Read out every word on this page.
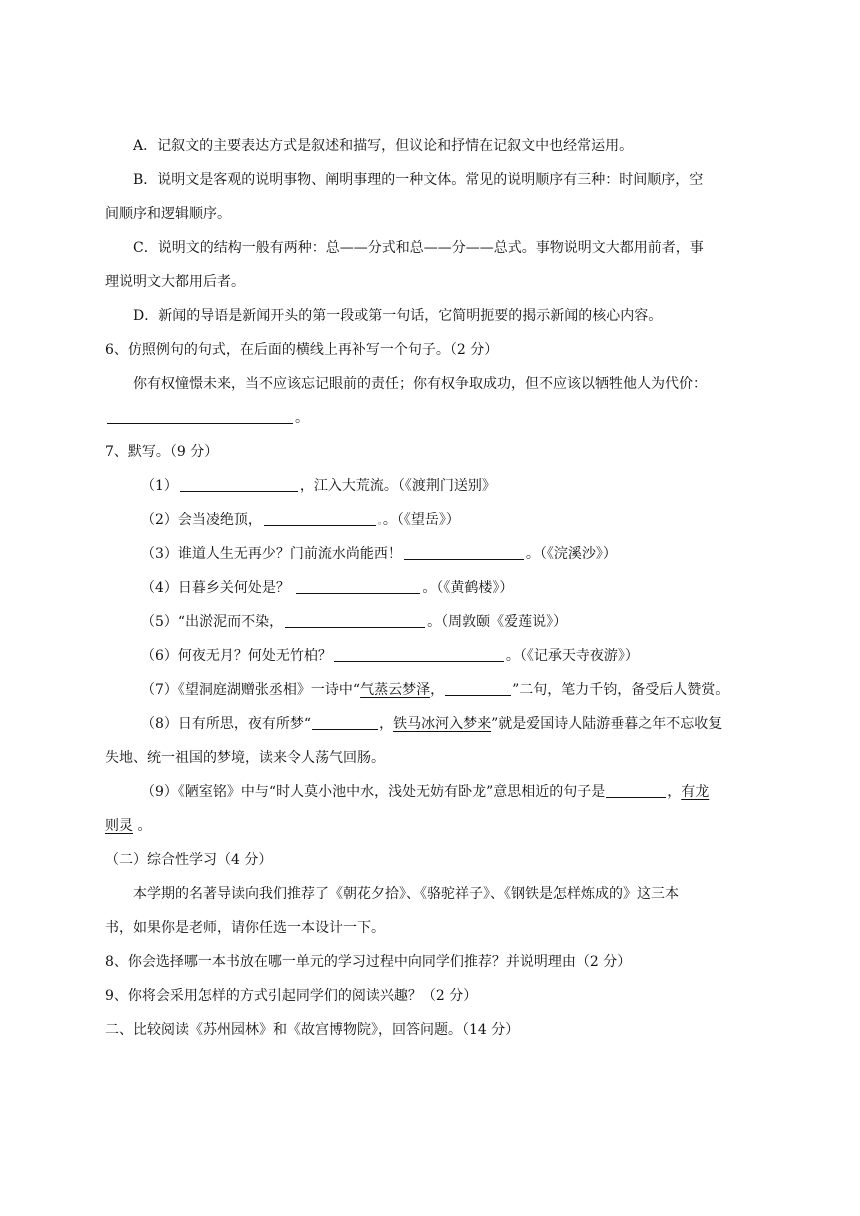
A．记叙文的主要表达方式是叙述和描写，但议论和抒情在记叙文中也经常运用。
B．说明文是客观的说明事物、阐明事理的一种文体。常见的说明顺序有三种：时间顺序，空
间顺序和逻辑顺序。
C．说明文的结构一般有两种：总——分式和总——分——总式。事物说明文大都用前者，事
理说明文大都用后者。
D．新闻的导语是新闻开头的第一段或第一句话，它简明扼要的揭示新闻的核心内容。
6、仿照例句的句式，在后面的横线上再补写一个句子。（2 分）
你有权憧憬未来，当不应该忘记眼前的责任；你有权争取成功，但不应该以牺牲他人为代价：
。
7、默写。（9 分）
（1）	，江入大荒流。（《渡荆门送别》
（2）会当凌绝顶，	。。（《望岳》）
（3）谁道人生无再少？门前流水尚能西！	。（《浣溪沙》）
（4）日暮乡关何处是？	。（《黄鹤楼》）
（5）“出淤泥而不染，	。（周敦颐《爱莲说》）
（6）何夜无月？何处无竹柏？	。（《记承天寺夜游》）
（7）《望洞庭湖赠张丞相》一诗中“气蒸云梦泽，	”二句，笔力千钧，备受后人赞赏。
（8）日有所思，夜有所梦“	，铁马冰河入梦来”就是爱国诗人陆游垂暮之年不忘收复
失地、统一祖国的梦境，读来令人荡气回肠。
（9）《陋室铭》中与“时人莫小池中水，浅处无妨有卧龙”意思相近的句子是	，有龙
则灵 。
（二）综合性学习（4 分）
本学期的名著导读向我们推荐了《朝花夕拾》、《骆驼祥子》、《钢铁是怎样炼成的》这三本
书，如果你是老师，请你任选一本设计一下。
8、你会选择哪一本书放在哪一单元的学习过程中向同学们推荐？并说明理由（2 分）
9、你将会采用怎样的方式引起同学们的阅读兴趣？（2 分）
二、比较阅读《苏州园林》和《故宫博物院》，回答问题。（14 分）
